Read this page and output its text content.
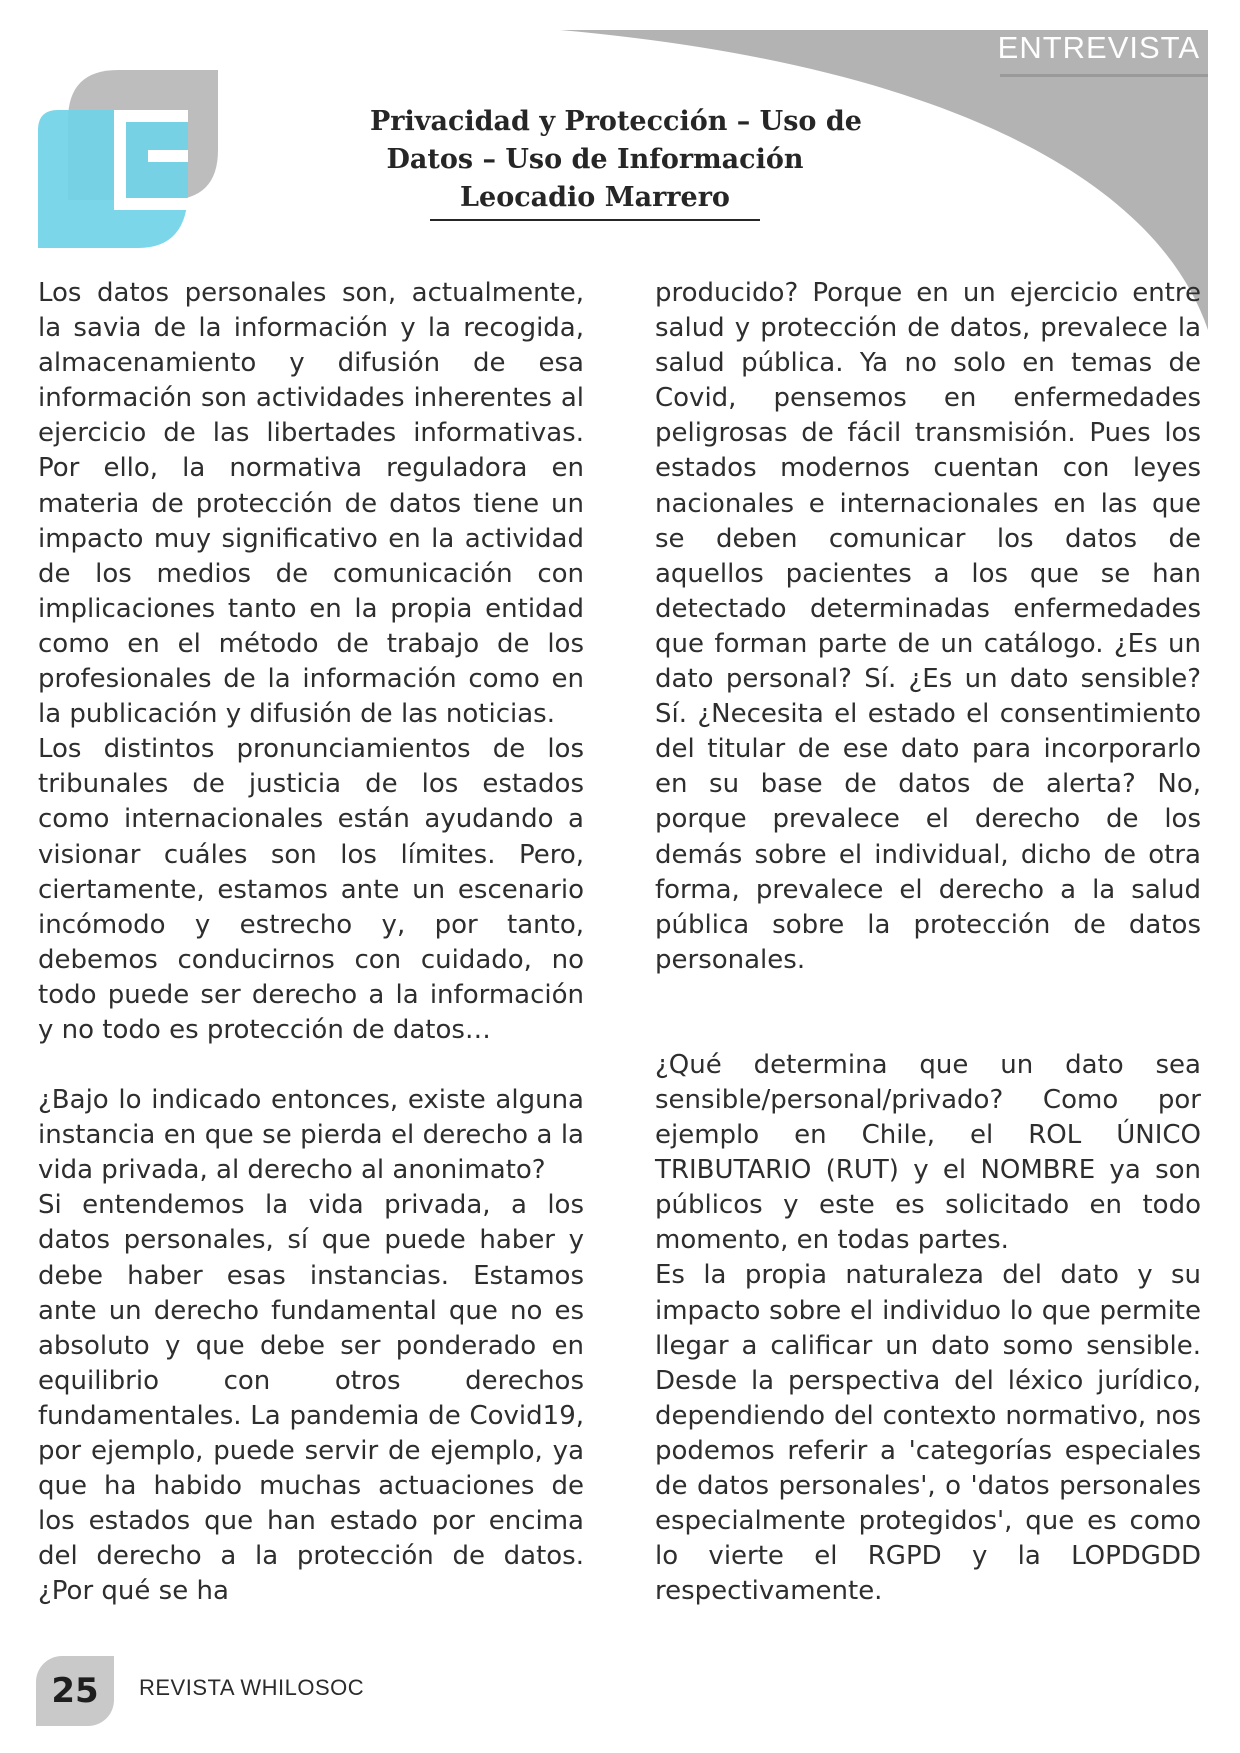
ENTREVISTA
Privacidad y Protección – Uso de
Datos – Uso de Información
Leocadio Marrero

Los datos personales son, actualmente, la savia de la información y la recogida, almacenamiento y difusión de esa información son actividades inherentes al ejercicio de las libertades informativas. Por ello, la normativa reguladora en materia de protección de datos tiene un impacto muy significativo en la actividad de los medios de comunicación con implicaciones tanto en la propia entidad como en el método de trabajo de los profesionales de la información como en la publicación y difusión de las noticias.

Los distintos pronunciamientos de los tribunales de justicia de los estados como internacionales están ayudando a visionar cuáles son los límites. Pero, ciertamente, estamos ante un escenario incómodo y estrecho y, por tanto, debemos conducirnos con cuidado, no todo puede ser derecho a la información y no todo es protección de datos…

¿Bajo lo indicado entonces, existe alguna instancia en que se pierda el derecho a la vida privada, al derecho al anonimato?

Si entendemos la vida privada, a los datos personales, sí que puede haber y debe haber esas instancias. Estamos ante un derecho fundamental que no es absoluto y que debe ser ponderado en equilibrio con otros derechos fundamentales. La pandemia de Covid19, por ejemplo, puede servir de ejemplo, ya que ha habido muchas actuaciones de los estados que han estado por encima del derecho a la protección de datos. ¿Por qué se ha

producido? Porque en un ejercicio entre salud y protección de datos, prevalece la salud pública. Ya no solo en temas de Covid, pensemos en enfermedades peligrosas de fácil transmisión. Pues los estados modernos cuentan con leyes nacionales e internacionales en las que se deben comunicar los datos de aquellos pacientes a los que se han detectado determinadas enfermedades que forman parte de un catálogo. ¿Es un dato personal? Sí. ¿Es un dato sensible? Sí. ¿Necesita el estado el consentimiento del titular de ese dato para incorporarlo en su base de datos de alerta? No, porque prevalece el derecho de los demás sobre el individual, dicho de otra forma, prevalece el derecho a la salud pública sobre la protección de datos personales.

¿Qué determina que un dato sea sensible/personal/privado? Como por ejemplo en Chile, el ROL ÚNICO TRIBUTARIO (RUT) y el NOMBRE ya son públicos y este es solicitado en todo momento, en todas partes.

Es la propia naturaleza del dato y su impacto sobre el individuo lo que permite llegar a calificar un dato somo sensible. Desde la perspectiva del léxico jurídico, dependiendo del contexto normativo, nos podemos referir a 'categorías especiales de datos personales', o 'datos personales especialmente protegidos', que es como lo vierte el RGPD y la LOPDGDD respectivamente.

25	REVISTA WHILOSOC
